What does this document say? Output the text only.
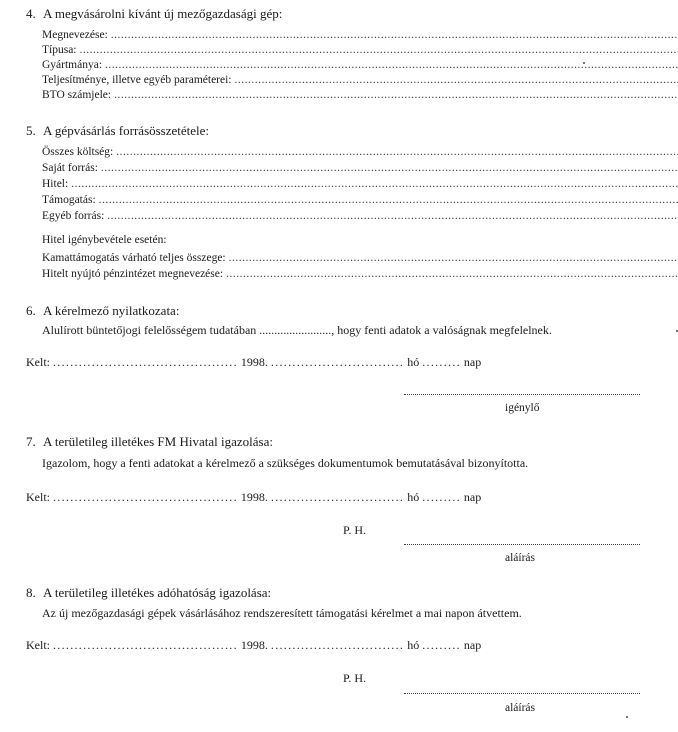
4. A megvásárolni kívánt új mezőgazdasági gép:
Megnevezése:
.....
Típusa:
.....
Gyártmánya:
.....
Teljesítménye, illetve egyéb paraméterei:
.....
BTO számjele:
.....
5. A gépvásárlás forrásösszetétele:
Összes költség:
.....
Saját forrás:
.....
Hitel:
.....
Támogatás:
.....
Egyéb forrás:
.....
Hitel igénybevétele esetén:
Kamattámogatás várható teljes összege:
.....
Hitelt nyújtó pénzintézet megnevezése:
.....
6. A kérelmező nyilatkozata:
Alulírott büntetőjogi felelősségem tudatában ........................, hogy fenti adatok a valóságnak megfelelnek.
Kelt: ........................................... 1998. ............................... hó ......... nap
igénylő
7. A területileg illetékes FM Hivatal igazolása:
Igazolom, hogy a fenti adatokat a kérelmező a szükséges dokumentumok bemutatásával bizonyította.
Kelt: ........................................... 1998. ............................... hó ......... nap
P. H.
aláírás
8. A területileg illetékes adóhatóság igazolása:
Az új mezőgazdasági gépek vásárlásához rendszeresített támogatási kérelmet a mai napon átvettem.
Kelt: ........................................... 1998. ............................... hó ......... nap
P. H.
aláírás
